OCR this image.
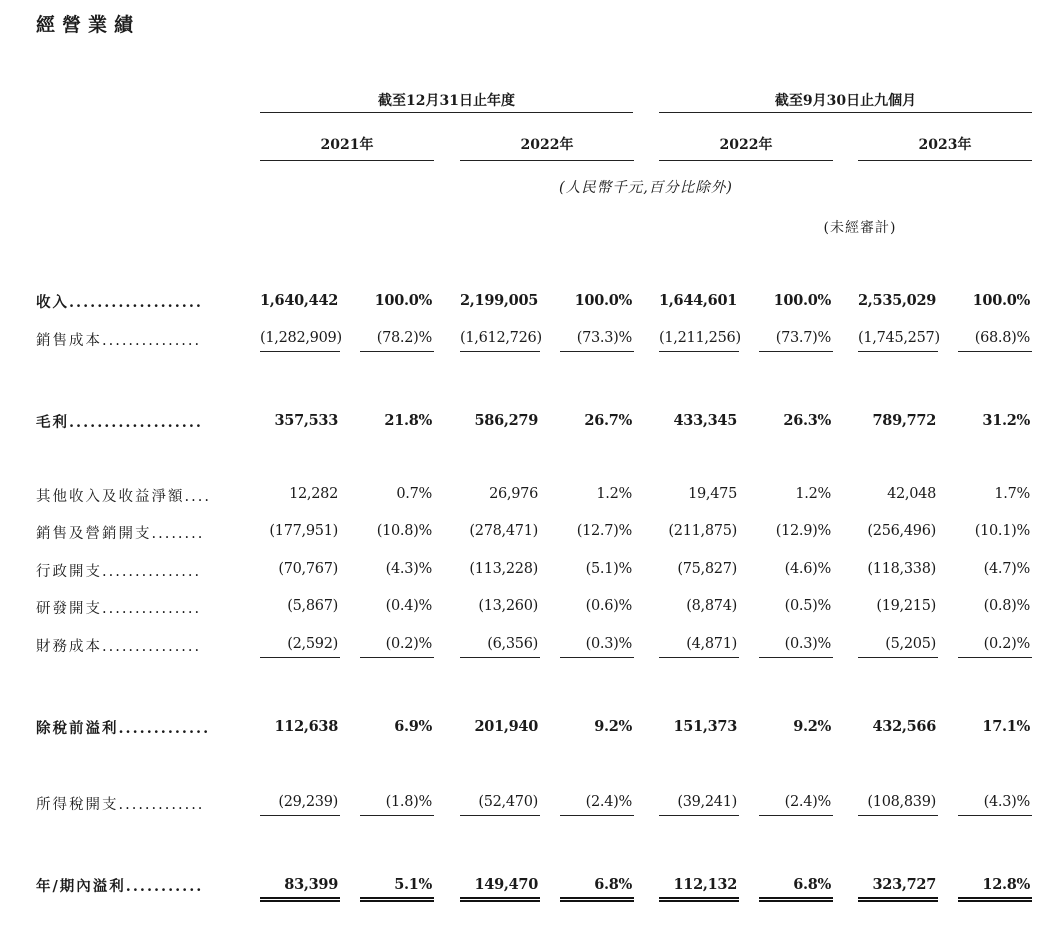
經營業績
截至12月31日止年度	截至9月30日止九個月
2021年	2022年	2022年	2023年
(人民幣千元,百分比除外)
(未經審計)
收入...................	1,640,442	100.0% 2,199,005	100.0% 1,644,601	100.0% 2,535,029	100.0%
銷售成本...............	(1,282,909)	(78.2)% (1,612,726)	(73.3)% (1,211,256)	(73.7)% (1,745,257)	(68.8)%
毛利...................	357,533	21.8%	586,279	26.7%	433,345	26.3%	789,772	31.2%
其他收入及收益淨額....	12,282	0.7%	26,976	1.2%	19,475	1.2%	42,048	1.7%
銷售及營銷開支........	(177,951)	(10.8)%	(278,471)	(12.7)%	(211,875)	(12.9)%	(256,496)	(10.1)%
行政開支...............	(70,767)	(4.3)%	(113,228)	(5.1)%	(75,827)	(4.6)%	(118,338)	(4.7)%
研發開支...............	(5,867)	(0.4)%	(13,260)	(0.6)%	(8,874)	(0.5)%	(19,215)	(0.8)%
財務成本...............	(2,592)	(0.2)%	(6,356)	(0.3)%	(4,871)	(0.3)%	(5,205)	(0.2)%
除稅前溢利.............	112,638	6.9%	201,940	9.2%	151,373	9.2%	432,566	17.1%
所得稅開支.............	(29,239)	(1.8)%	(52,470)	(2.4)%	(39,241)	(2.4)%	(108,839)	(4.3)%
年/期內溢利...........	83,399	5.1%	149,470	6.8%	112,132	6.8%	323,727	12.8%
